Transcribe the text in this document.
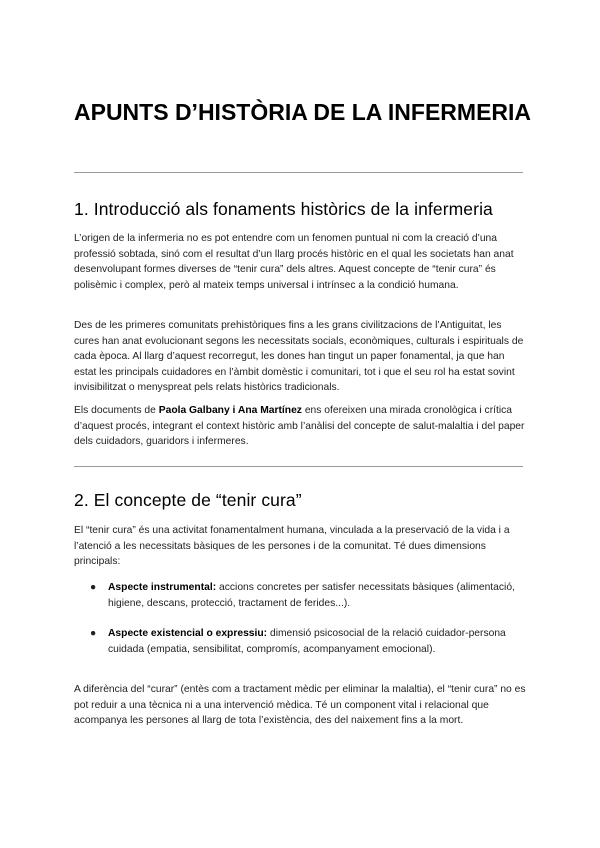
APUNTS D’HISTÒRIA DE LA INFERMERIA
1. Introducció als fonaments històrics de la infermeria

L’origen de la infermeria no es pot entendre com un fenomen puntual ni com la creació d’una professió sobtada, sinó com el resultat d’un llarg procés històric en el qual les societats han anat desenvolupant formes diverses de “tenir cura” dels altres. Aquest concepte de “tenir cura” és polisèmic i complex, però al mateix temps universal i intrínsec a la condició humana.

Des de les primeres comunitats prehistòriques fins a les grans civilitzacions de l’Antiguitat, les cures han anat evolucionant segons les necessitats socials, econòmiques, culturals i espirituals de cada època. Al llarg d’aquest recorregut, les dones han tingut un paper fonamental, ja que han estat les principals cuidadores en l’àmbit domèstic i comunitari, tot i que el seu rol ha estat sovint invisibilitzat o menyspreat pels relats històrics tradicionals.

Els documents de Paola Galbany i Ana Martínez ens ofereixen una mirada cronològica i crítica d’aquest procés, integrant el context històric amb l’anàlisi del concepte de salut-malaltia i del paper dels cuidadors, guaridors i infermeres.

2. El concepte de “tenir cura”

El “tenir cura” és una activitat fonamentalment humana, vinculada a la preservació de la vida i a l’atenció a les necessitats bàsiques de les persones i de la comunitat. Té dues dimensions principals:

●	Aspecte instrumental: accions concretes per satisfer necessitats bàsiques (alimentació, higiene, descans, protecció, tractament de ferides...).
●	Aspecte existencial o expressiu: dimensió psicosocial de la relació cuidador-persona cuidada (empatia, sensibilitat, compromís, acompanyament emocional).

A diferència del “curar” (entès com a tractament mèdic per eliminar la malaltia), el “tenir cura” no es pot reduir a una tècnica ni a una intervenció mèdica. Té un component vital i relacional que acompanya les persones al llarg de tota l’existència, des del naixement fins a la mort.
